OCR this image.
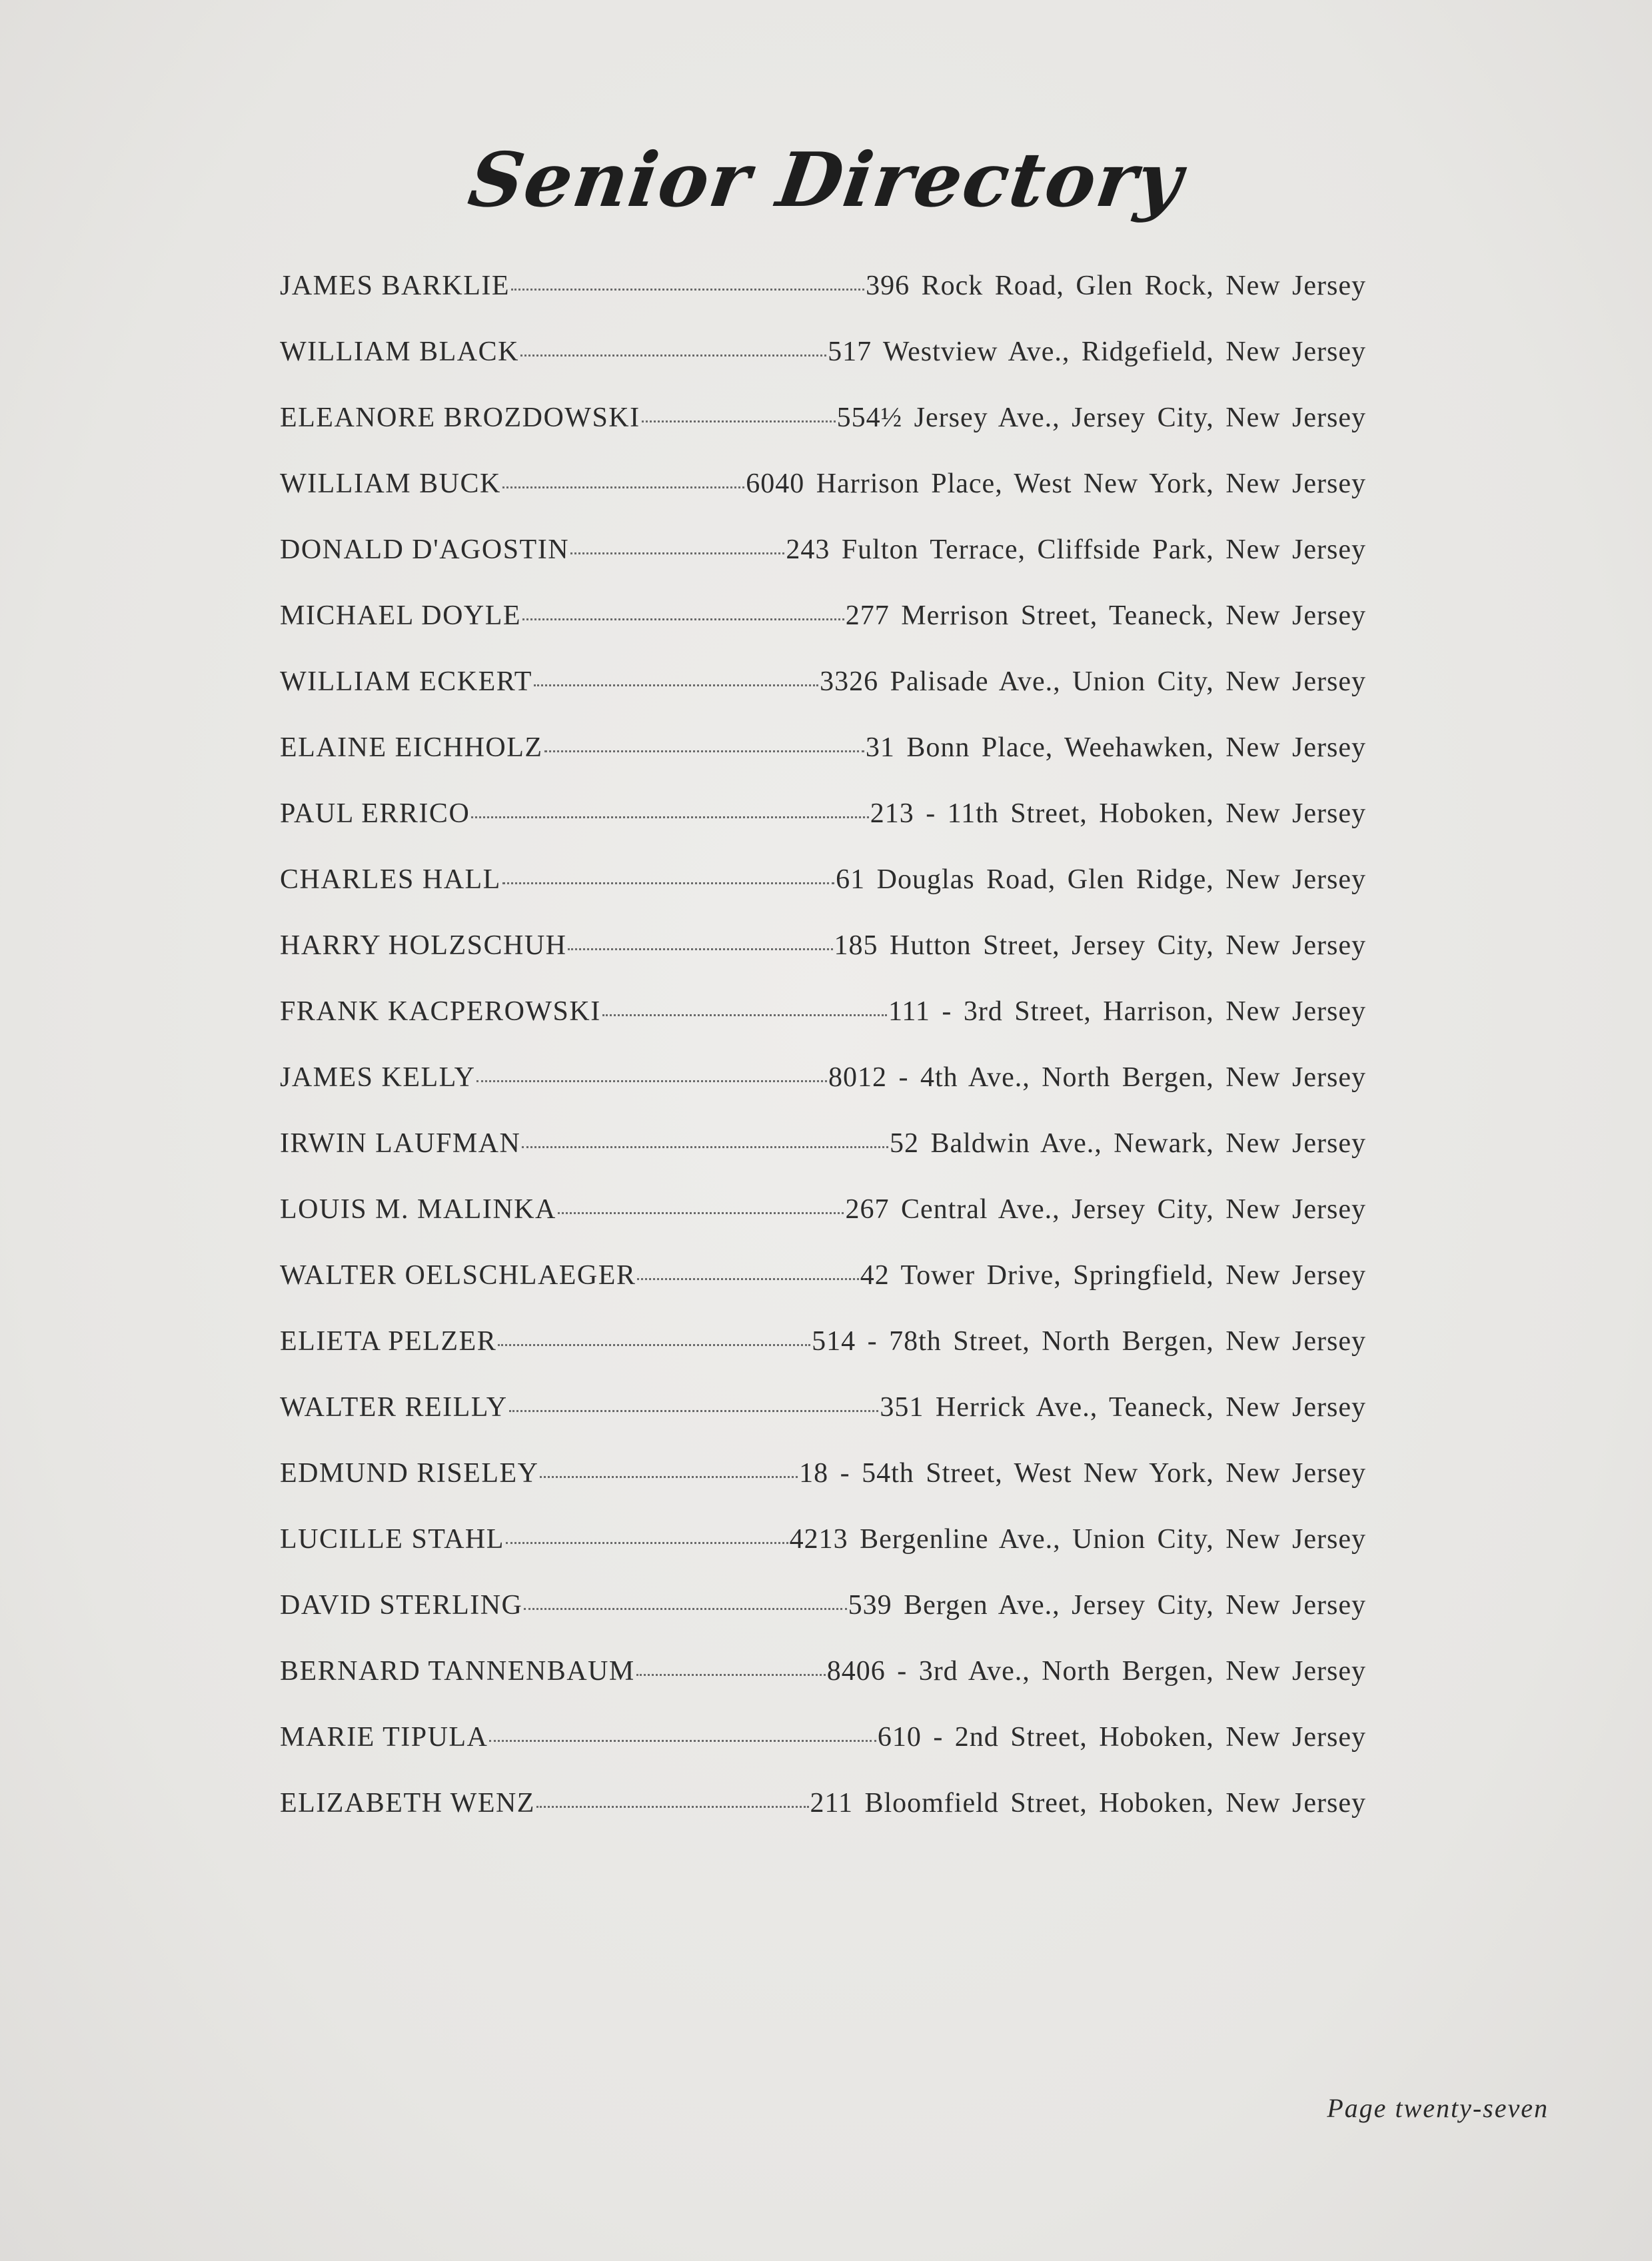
Senior Directory
JAMES BARKLIE	396 Rock Road, Glen Rock, New Jersey
WILLIAM BLACK	517 Westview Ave., Ridgefield, New Jersey
ELEANORE BROZDOWSKI	554½ Jersey Ave., Jersey City, New Jersey
WILLIAM BUCK	6040 Harrison Place, West New York, New Jersey
DONALD D'AGOSTIN	243 Fulton Terrace, Cliffside Park, New Jersey
MICHAEL DOYLE	277 Merrison Street, Teaneck, New Jersey
WILLIAM ECKERT	3326 Palisade Ave., Union City, New Jersey
ELAINE EICHHOLZ	31 Bonn Place, Weehawken, New Jersey
PAUL ERRICO	213 - 11th Street, Hoboken, New Jersey
CHARLES HALL	61 Douglas Road, Glen Ridge, New Jersey
HARRY HOLZSCHUH	185 Hutton Street, Jersey City, New Jersey
FRANK KACPEROWSKI	111 - 3rd Street, Harrison, New Jersey
JAMES KELLY	8012 - 4th Ave., North Bergen, New Jersey
IRWIN LAUFMAN	52 Baldwin Ave., Newark, New Jersey
LOUIS M. MALINKA	267 Central Ave., Jersey City, New Jersey
WALTER OELSCHLAEGER	42 Tower Drive, Springfield, New Jersey
ELIETA PELZER	514 - 78th Street, North Bergen, New Jersey
WALTER REILLY	351 Herrick Ave., Teaneck, New Jersey
EDMUND RISELEY	18 - 54th Street, West New York, New Jersey
LUCILLE STAHL	4213 Bergenline Ave., Union City, New Jersey
DAVID STERLING	539 Bergen Ave., Jersey City, New Jersey
BERNARD TANNENBAUM	8406 - 3rd Ave., North Bergen, New Jersey
MARIE TIPULA	610 - 2nd Street, Hoboken, New Jersey
ELIZABETH WENZ	211 Bloomfield Street, Hoboken, New Jersey
Page twenty-seven
